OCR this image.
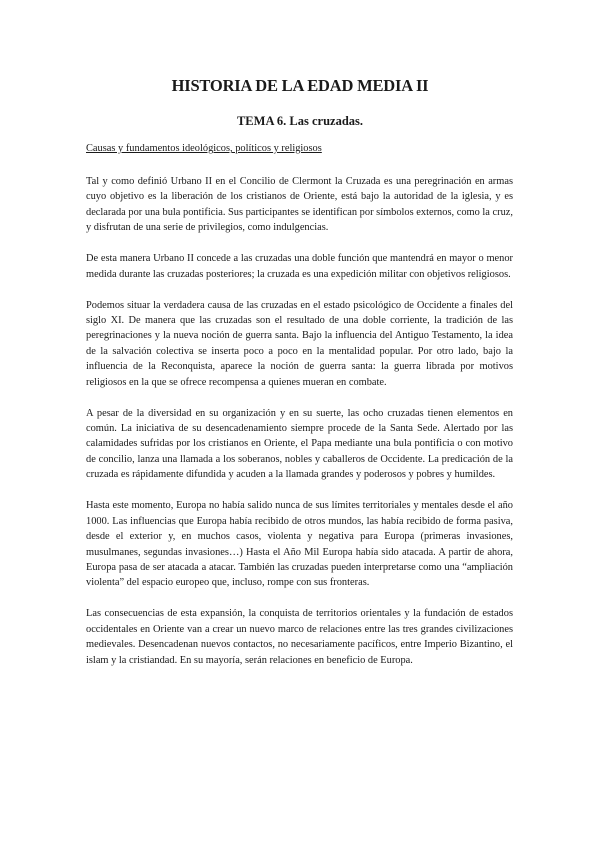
HISTORIA DE LA EDAD MEDIA II
TEMA 6. Las cruzadas.
Causas y fundamentos ideológicos, políticos y religiosos

Tal y como definió Urbano II en el Concilio de Clermont la Cruzada es una peregrinación en armas cuyo objetivo es la liberación de los cristianos de Oriente, está bajo la autoridad de la iglesia, y es declarada por una bula pontificia. Sus participantes se identifican por símbolos externos, como la cruz, y disfrutan de una serie de privilegios, como indulgencias.

De esta manera Urbano II concede a las cruzadas una doble función que mantendrá en mayor o menor medida durante las cruzadas posteriores; la cruzada es una expedición militar con objetivos religiosos.

Podemos situar la verdadera causa de las cruzadas en el estado psicológico de Occidente a finales del siglo XI. De manera que las cruzadas son el resultado de una doble corriente, la tradición de las peregrinaciones y la nueva noción de guerra santa. Bajo la influencia del Antiguo Testamento, la idea de la salvación colectiva se inserta poco a poco en la mentalidad popular. Por otro lado, bajo la influencia de la Reconquista, aparece la noción de guerra santa: la guerra librada por motivos religiosos en la que se ofrece recompensa a quienes mueran en combate.

A pesar de la diversidad en su organización y en su suerte, las ocho cruzadas tienen elementos en común. La iniciativa de su desencadenamiento siempre procede de la Santa Sede. Alertado por las calamidades sufridas por los cristianos en Oriente, el Papa mediante una bula pontificia o con motivo de concilio, lanza una llamada a los soberanos, nobles y caballeros de Occidente. La predicación de la cruzada es rápidamente difundida y acuden a la llamada grandes y poderosos y pobres y humildes.

Hasta este momento, Europa no había salido nunca de sus límites territoriales y mentales desde el año 1000. Las influencias que Europa había recibido de otros mundos, las había recibido de forma pasiva, desde el exterior y, en muchos casos, violenta y negativa para Europa (primeras invasiones, musulmanes, segundas invasiones…) Hasta el Año Mil Europa había sido atacada. A partir de ahora, Europa pasa de ser atacada a atacar. También las cruzadas pueden interpretarse como una “ampliación violenta” del espacio europeo que, incluso, rompe con sus fronteras.

Las consecuencias de esta expansión, la conquista de territorios orientales y la fundación de estados occidentales en Oriente van a crear un nuevo marco de relaciones entre las tres grandes civilizaciones medievales. Desencadenan nuevos contactos, no necesariamente pacíficos, entre Imperio Bizantino, el islam y la cristiandad. En su mayoría, serán relaciones en beneficio de Europa.
